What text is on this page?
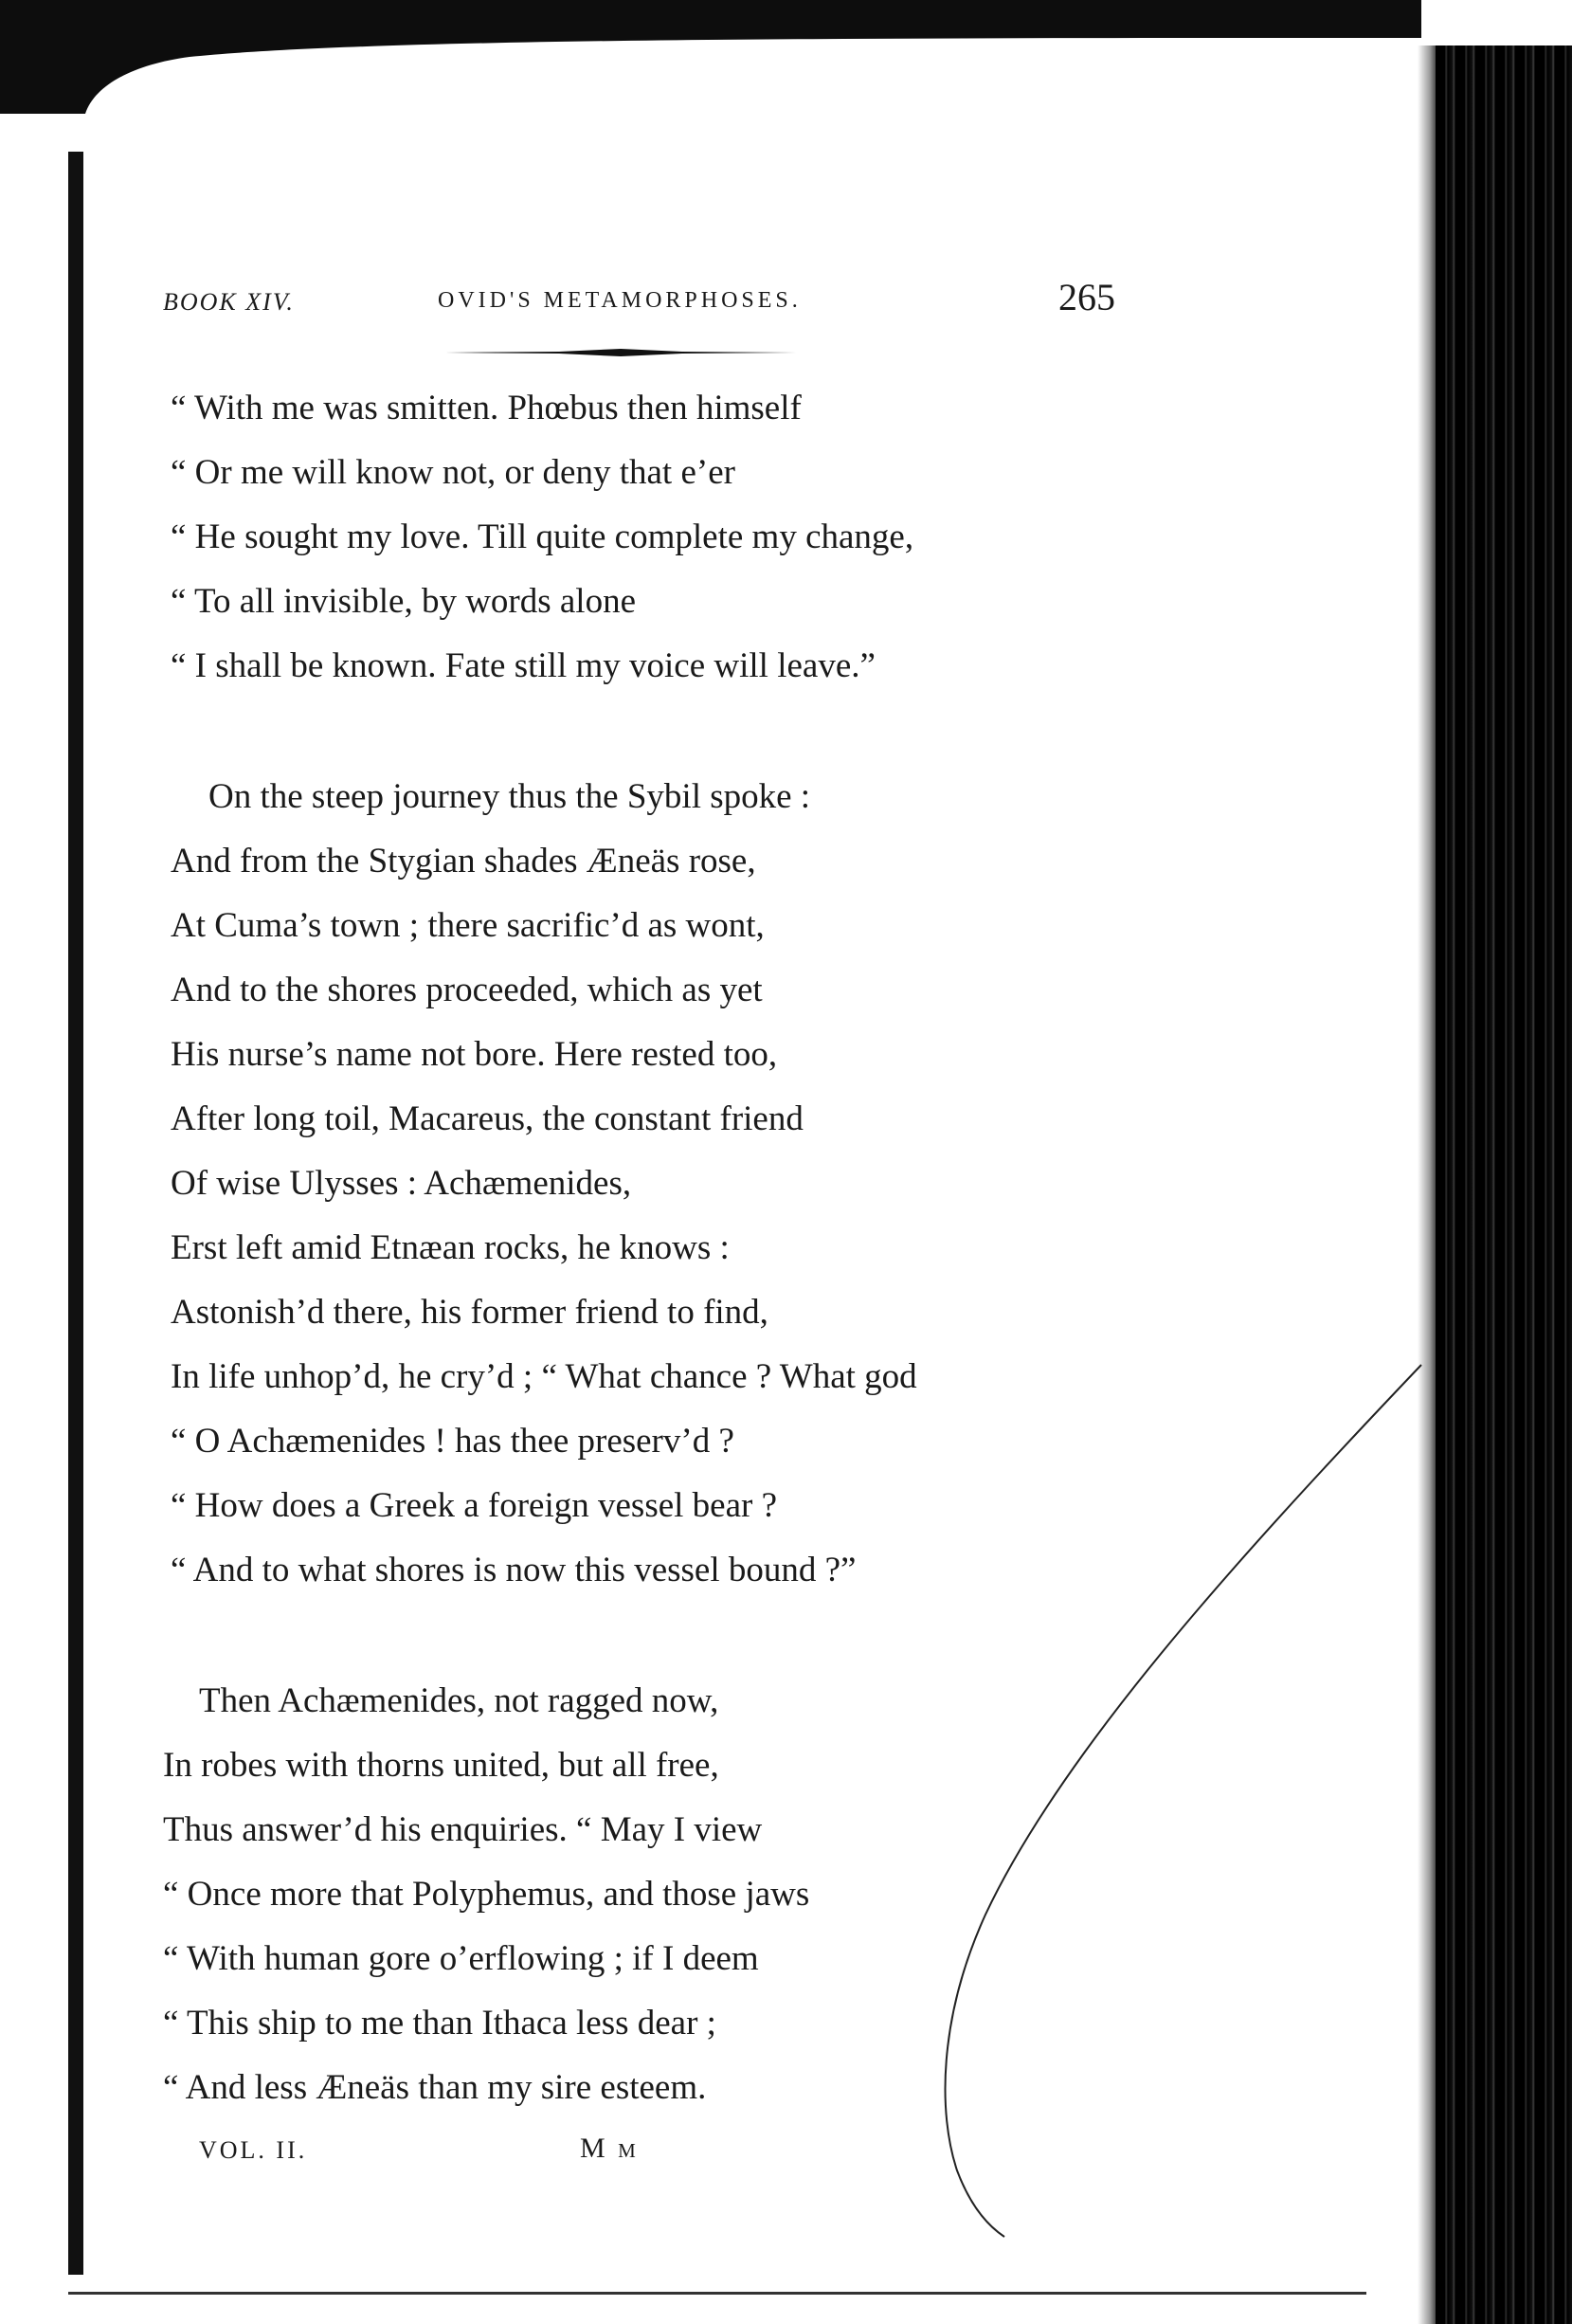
BOOK XIV.	OVID'S METAMORPHOSES.	265
“ With me was smitten. Phœbus then himself
“ Or me will know not, or deny that e’er
“ He sought my love. Till quite complete my change,
“ To all invisible, by words alone
“ I shall be known. Fate still my voice will leave.”
On the steep journey thus the Sybil spoke :
And from the Stygian shades Æneäs rose,
At Cuma’s town ; there sacrific’d as wont,
And to the shores proceeded, which as yet
His nurse’s name not bore. Here rested too,
After long toil, Macareus, the constant friend
Of wise Ulysses : Achæmenides,
Erst left amid Etnæan rocks, he knows :
Astonish’d there, his former friend to find,
In life unhop’d, he cry’d ; “ What chance ? What god
“ O Achæmenides ! has thee preserv’d ?
“ How does a Greek a foreign vessel bear ?
“ And to what shores is now this vessel bound ?”
Then Achæmenides, not ragged now,
In robes with thorns united, but all free,
Thus answer’d his enquiries. “ May I view
“ Once more that Polyphemus, and those jaws
“ With human gore o’erflowing ; if I deem
“ This ship to me than Ithaca less dear ;
“ And less Æneäs than my sire esteem.
VOL. II.	M m
